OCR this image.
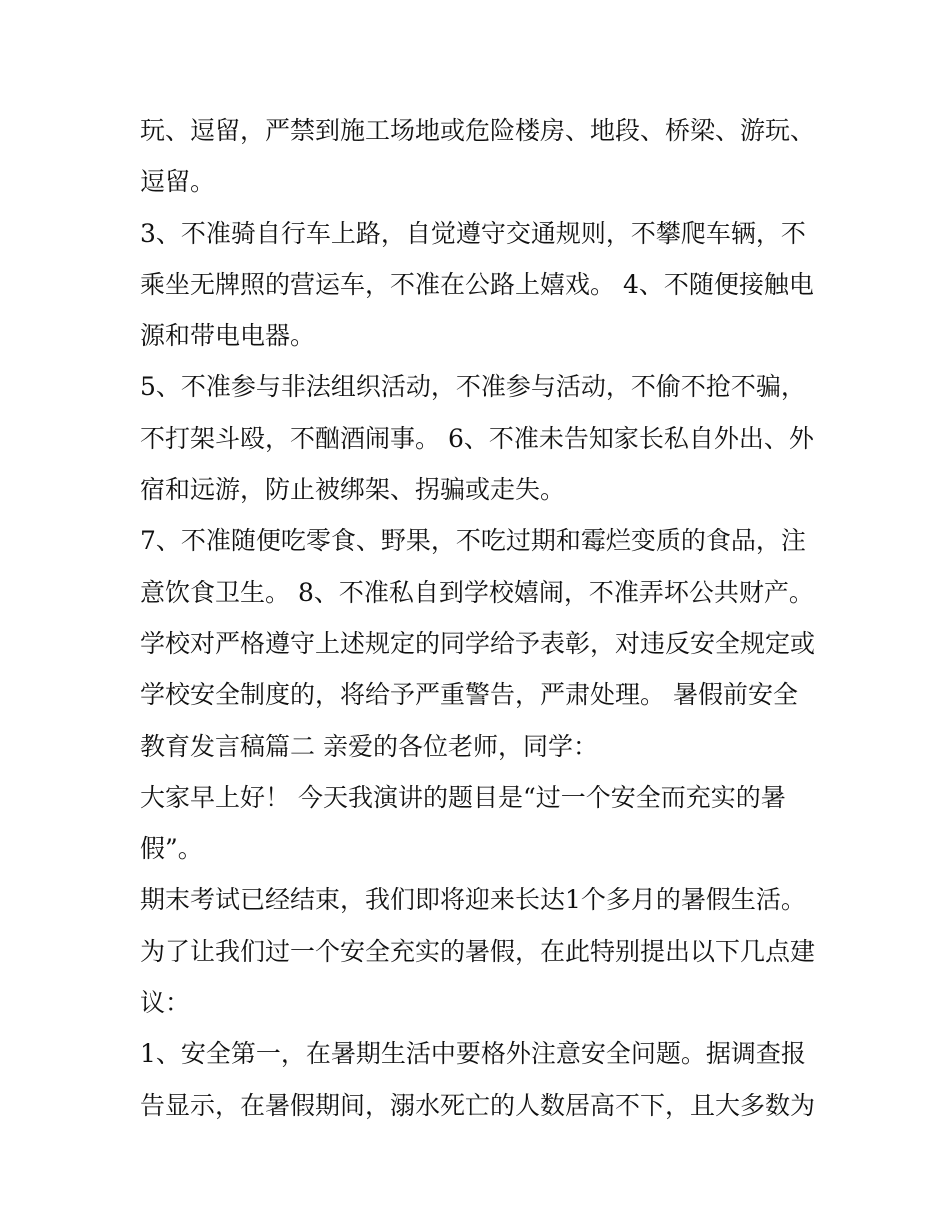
玩、逗留，严禁到施工场地或危险楼房、地段、桥梁、游玩、
逗留。
3、不准骑自行车上路，自觉遵守交通规则，不攀爬车辆，不
乘坐无牌照的营运车，不准在公路上嬉戏。 4、不随便接触电
源和带电电器。
5、不准参与非法组织活动，不准参与活动，不偷不抢不骗，
不打架斗殴，不酗酒闹事。 6、不准未告知家长私自外出、外
宿和远游，防止被绑架、拐骗或走失。
7、不准随便吃零食、野果，不吃过期和霉烂变质的食品，注
意饮食卫生。 8、不准私自到学校嬉闹，不准弄坏公共财产。
学校对严格遵守上述规定的同学给予表彰，对违反安全规定或
学校安全制度的，将给予严重警告，严肃处理。 暑假前安全
教育发言稿篇二 亲爱的各位老师，同学：
大家早上好！ 今天我演讲的题目是“过一个安全而充实的暑
假”。
期末考试已经结束，我们即将迎来长达1个多月的暑假生活。
为了让我们过一个安全充实的暑假，在此特别提出以下几点建
议：
1、安全第一，在暑期生活中要格外注意安全问题。据调查报
告显示，在暑假期间，溺水死亡的人数居高不下，且大多数为
